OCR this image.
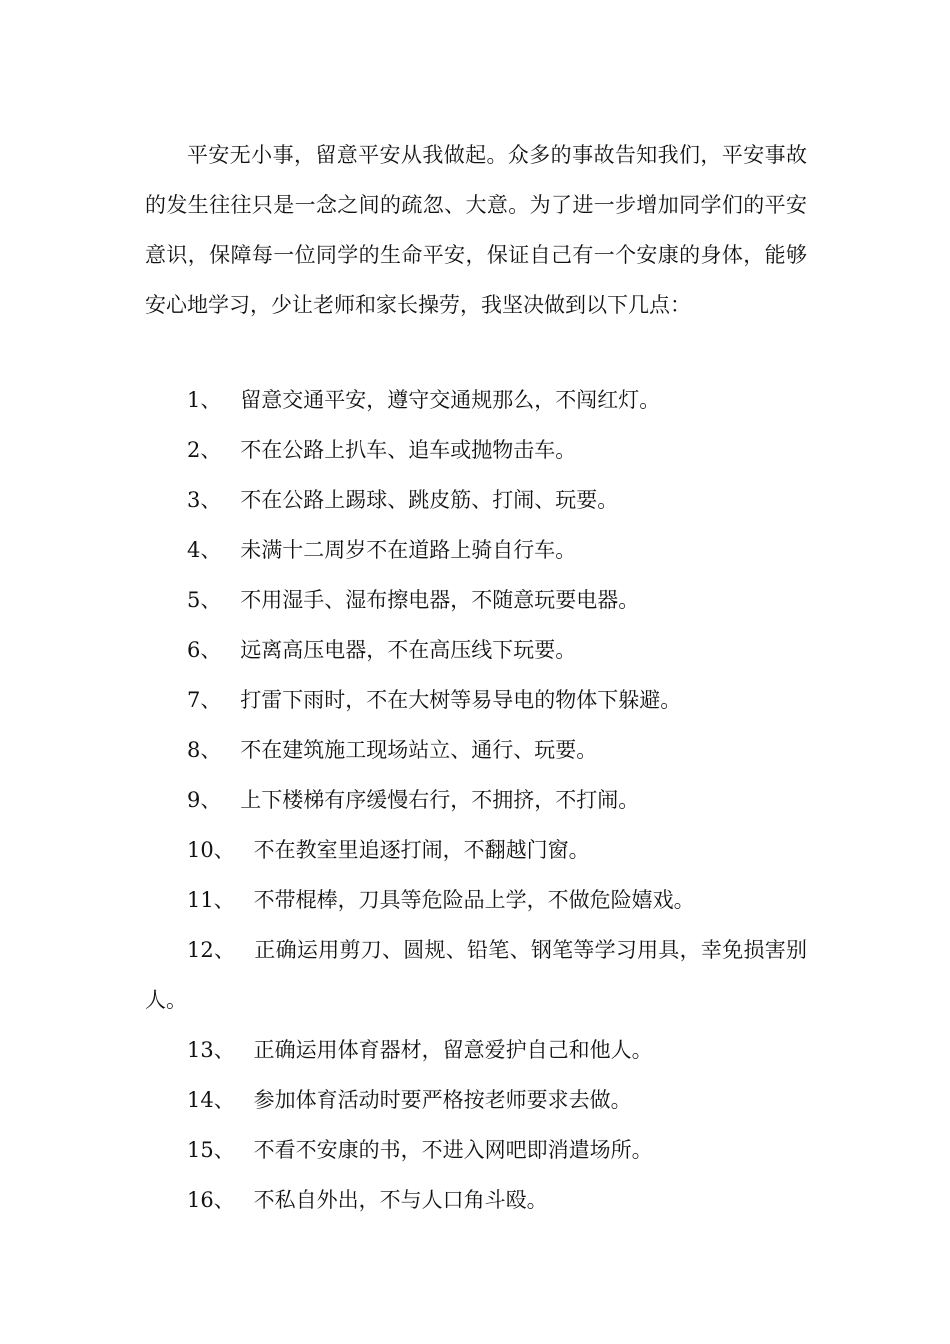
平安无小事，留意平安从我做起。众多的事故告知我们，平安事故的发生往往只是一念之间的疏忽、大意。为了进一步增加同学们的平安意识，保障每一位同学的生命平安，保证自己有一个安康的身体，能够安心地学习，少让老师和家长操劳，我坚决做到以下几点：

1、 留意交通平安，遵守交通规那么，不闯红灯。
2、 不在公路上扒车、追车或抛物击车。
3、 不在公路上踢球、跳皮筋、打闹、玩要。
4、 未满十二周岁不在道路上骑自行车。
5、 不用湿手、湿布擦电器，不随意玩要电器。
6、 远离高压电器，不在高压线下玩要。
7、 打雷下雨时，不在大树等易导电的物体下躲避。
8、 不在建筑施工现场站立、通行、玩要。
9、 上下楼梯有序缓慢右行，不拥挤，不打闹。
10、 不在教室里追逐打闹，不翻越门窗。
11、 不带棍棒，刀具等危险品上学，不做危险嬉戏。
12、 正确运用剪刀、圆规、铅笔、钢笔等学习用具，幸免损害别人。
13、 正确运用体育器材，留意爱护自己和他人。
14、 参加体育活动时要严格按老师要求去做。
15、 不看不安康的书，不进入网吧即消遣场所。
16、 不私自外出，不与人口角斗殴。
